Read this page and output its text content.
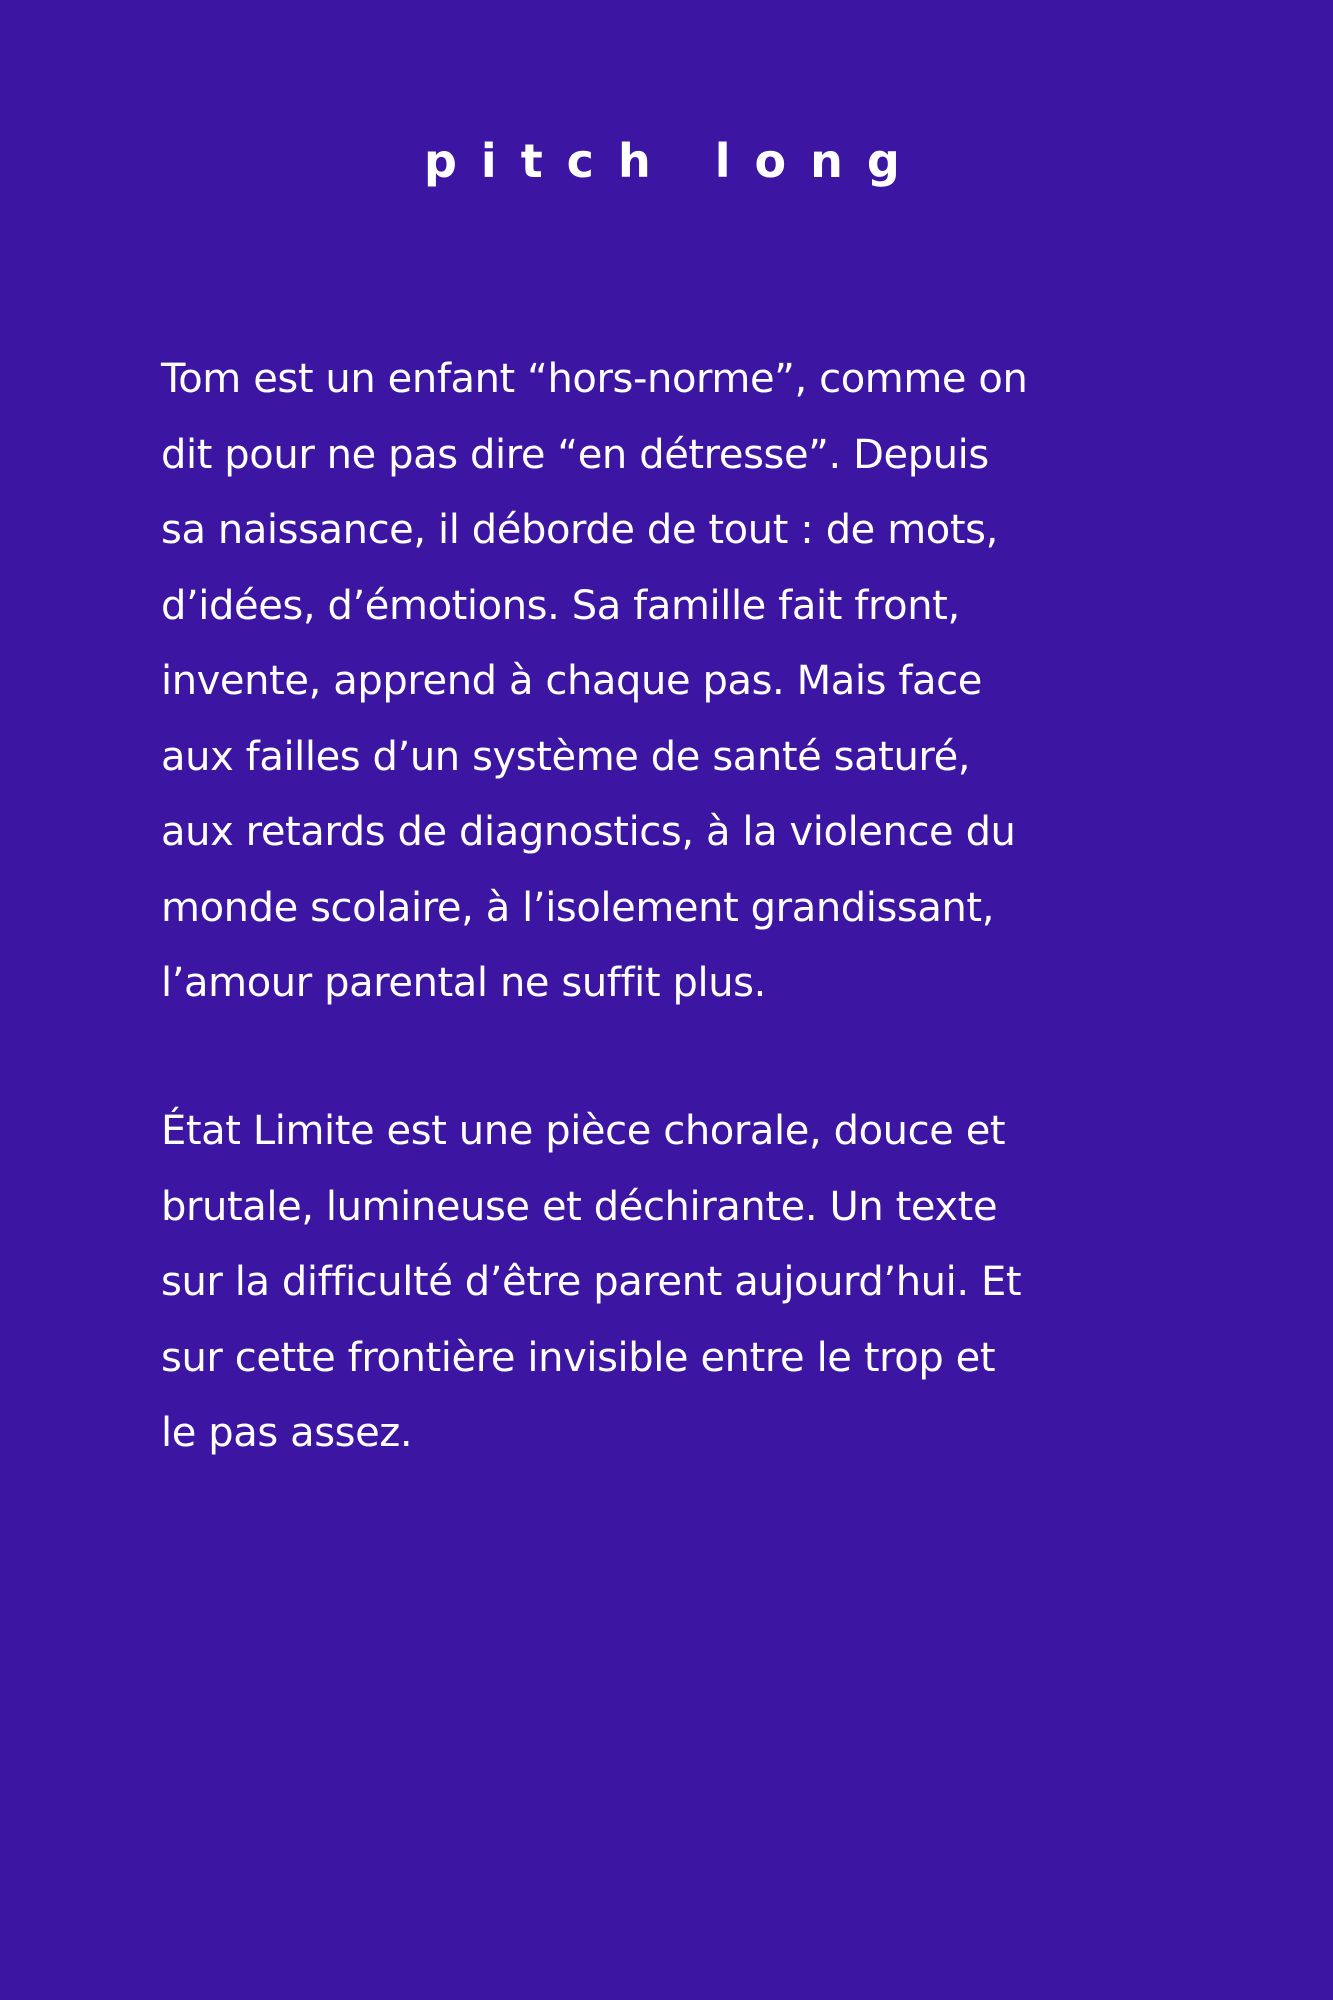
pitch long

Tom est un enfant “hors-norme”, comme on
dit pour ne pas dire “en détresse”. Depuis
sa naissance, il déborde de tout : de mots,
d’idées, d’émotions. Sa famille fait front,
invente, apprend à chaque pas. Mais face
aux failles d’un système de santé saturé,
aux retards de diagnostics, à la violence du
monde scolaire, à l’isolement grandissant,
l’amour parental ne suffit plus.

État Limite est une pièce chorale, douce et
brutale, lumineuse et déchirante. Un texte
sur la difficulté d’être parent aujourd’hui. Et
sur cette frontière invisible entre le trop et
le pas assez.
